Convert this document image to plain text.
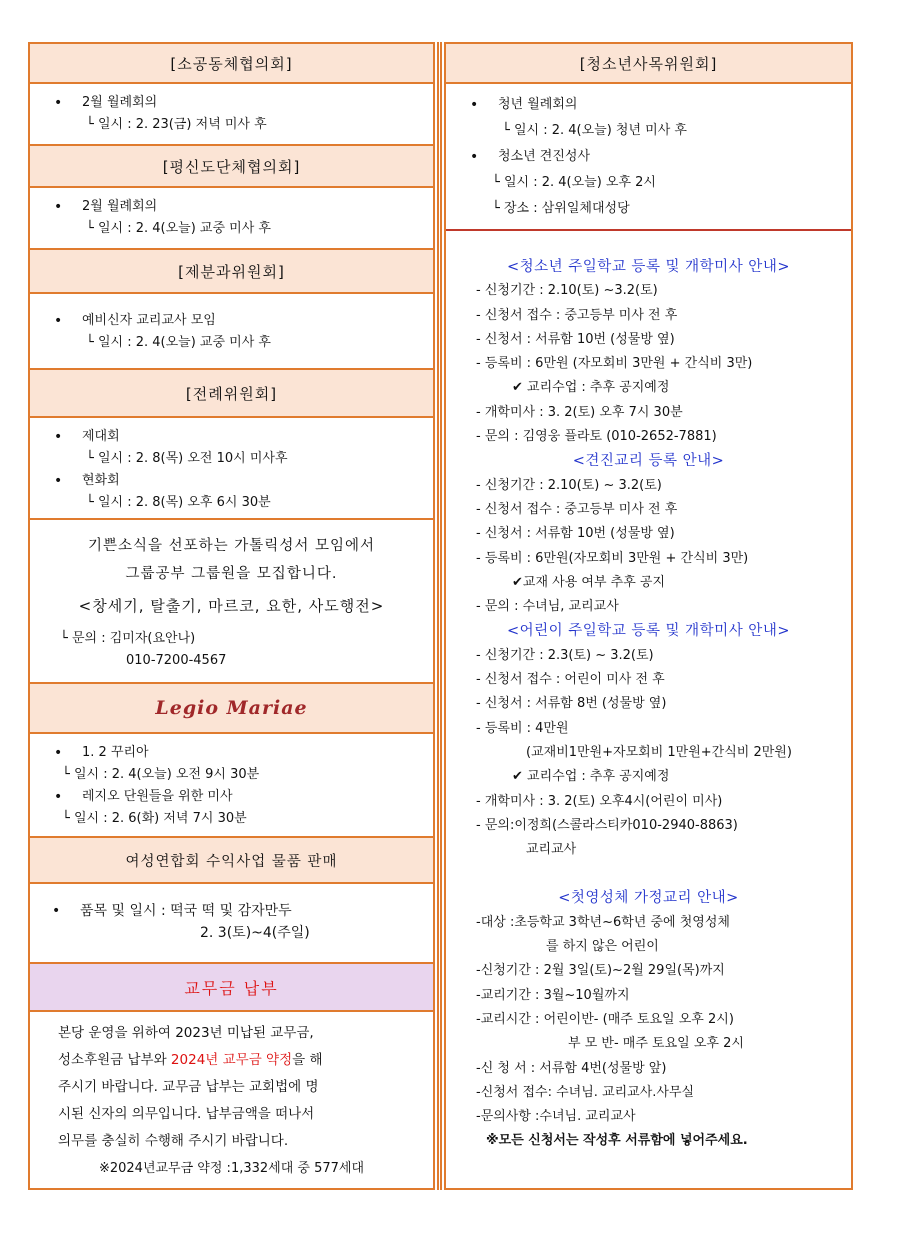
[소공동체협의회]
• 2월 월례회의
└ 일시 : 2. 23(금) 저녁 미사 후
[평신도단체협의회]
• 2월 월례회의
└ 일시 : 2. 4(오늘) 교중 미사 후
[제분과위원회]
• 예비신자 교리교사 모임
└ 일시 : 2. 4(오늘) 교중 미사 후
[전례위원회]
• 제대회
└ 일시 : 2. 8(목) 오전 10시 미사후
• 현화회
└ 일시 : 2. 8(목) 오후 6시 30분
기쁜소식을 선포하는 가톨릭성서 모임에서
그룹공부 그룹원을 모집합니다.
<창세기, 탈출기, 마르코, 요한, 사도행전>
└ 문의 : 김미자(요안나)
010-7200-4567
Legio Mariae
• 1. 2 꾸리아
└ 일시 : 2. 4(오늘) 오전 9시 30분
• 레지오 단원들을 위한 미사
└ 일시 : 2. 6(화) 저녁 7시 30분
여성연합회 수익사업 물품 판매
• 품목 및 일시 : 떡국 떡 및 감자만두
2. 3(토)~4(주일)
교무금 납부
본당 운영을 위하여 2023년 미납된 교무금,
성소후원금 납부와 2024년 교무금 약정을 해
주시기 바랍니다. 교무금 납부는 교회법에 명
시된 신자의 의무입니다. 납부금액을 떠나서
의무를 충실히 수행해 주시기 바랍니다.
※2024년교무금 약정 :1,332세대 중 577세대
[청소년사목위원회]
• 청년 월례회의
└ 일시 : 2. 4(오늘) 청년 미사 후
• 청소년 견진성사
└ 일시 : 2. 4(오늘) 오후 2시
└ 장소 : 삼위일체대성당
<청소년 주일학교 등록 및 개학미사 안내>
- 신청기간 : 2.10(토) ~3.2(토)
- 신청서 접수 : 중고등부 미사 전 후
- 신청서 : 서류함 10번 (성물방 옆)
- 등록비 : 6만원 (자모회비 3만원 + 간식비 3만)
✔ 교리수업 : 추후 공지예정
- 개학미사 : 3. 2(토) 오후 7시 30분
- 문의 : 김영웅 플라토 (010-2652-7881)
<견진교리 등록 안내>
- 신청기간 : 2.10(토) ~ 3.2(토)
- 신청서 접수 : 중고등부 미사 전 후
- 신청서 : 서류함 10번 (성물방 옆)
- 등록비 : 6만원(자모회비 3만원 + 간식비 3만)
✔교재 사용 여부 추후 공지
- 문의 : 수녀님, 교리교사
<어린이 주일학교 등록 및 개학미사 안내>
- 신청기간 : 2.3(토) ~ 3.2(토)
- 신청서 접수 : 어린이 미사 전 후
- 신청서 : 서류함 8번 (성물방 옆)
- 등록비 : 4만원
(교재비1만원+자모회비 1만원+간식비 2만원)
✔ 교리수업 : 추후 공지예정
- 개학미사 : 3. 2(토) 오후4시(어린이 미사)
- 문의:이정희(스콜라스티카010-2940-8863)
교리교사
<첫영성체 가정교리 안내>
-대상 :초등학교 3학년~6학년 중에 첫영성체
를 하지 않은 어린이
-신청기간 : 2월 3일(토)~2월 29일(목)까지
-교리기간 : 3월~10월까지
-교리시간 : 어린이반- (매주 토요일 오후 2시)
부 모 반- 매주 토요일 오후 2시
-신 청 서 : 서류함 4번(성물방 앞)
-신청서 접수: 수녀님. 교리교사.사무실
-문의사항 :수녀님. 교리교사
※모든 신청서는 작성후 서류함에 넣어주세요.
